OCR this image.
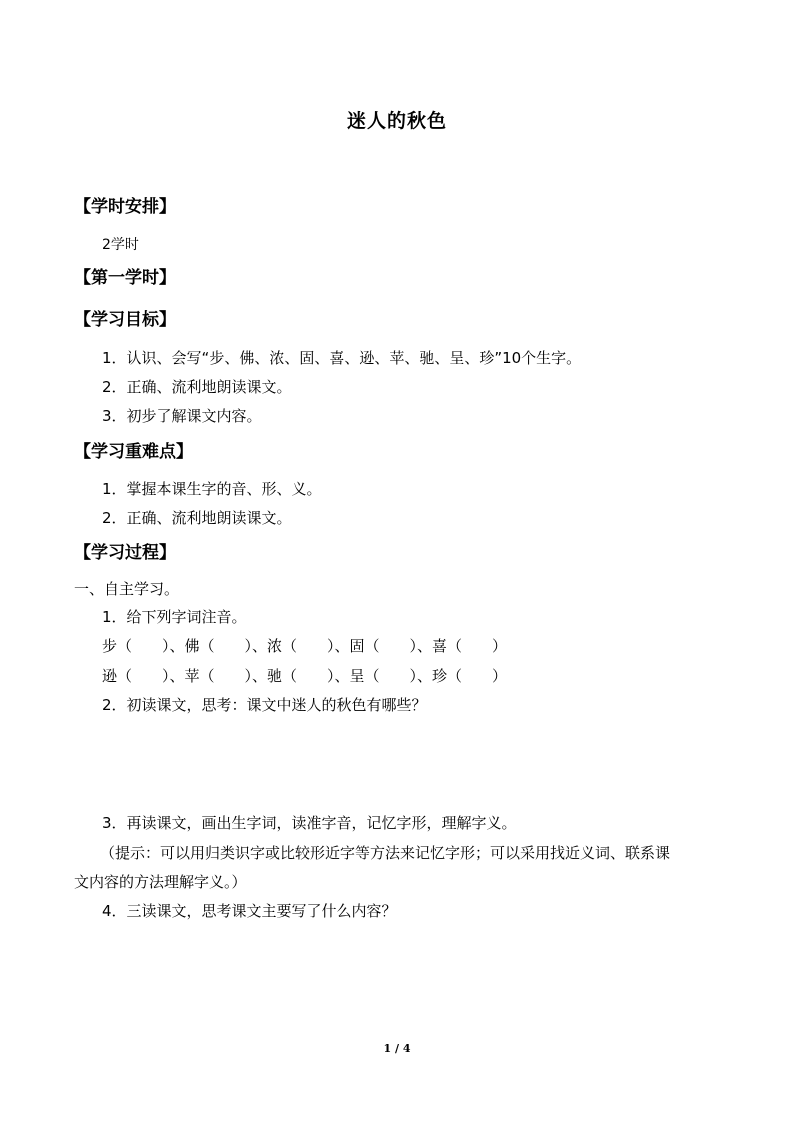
迷人的秋色
【学时安排】
2学时
【第一学时】
【学习目标】
1．认识、会写“步、佛、浓、固、喜、逊、苹、驰、呈、珍”10个生字。
2．正确、流利地朗读课文。
3．初步了解课文内容。
【学习重难点】
1．掌握本课生字的音、形、义。
2．正确、流利地朗读课文。
【学习过程】
一、自主学习。
1．给下列字词注音。
步（　　）、佛（　　）、浓（　　）、固（　　）、喜（　　）
逊（　　）、苹（　　）、驰（　　）、呈（　　）、珍（　　）
2．初读课文，思考：课文中迷人的秋色有哪些？
3．再读课文，画出生字词，读准字音，记忆字形，理解字义。
（提示：可以用归类识字或比较形近字等方法来记忆字形；可以采用找近义词、联系课
文内容的方法理解字义。）
4．三读课文，思考课文主要写了什么内容？
1 / 4
